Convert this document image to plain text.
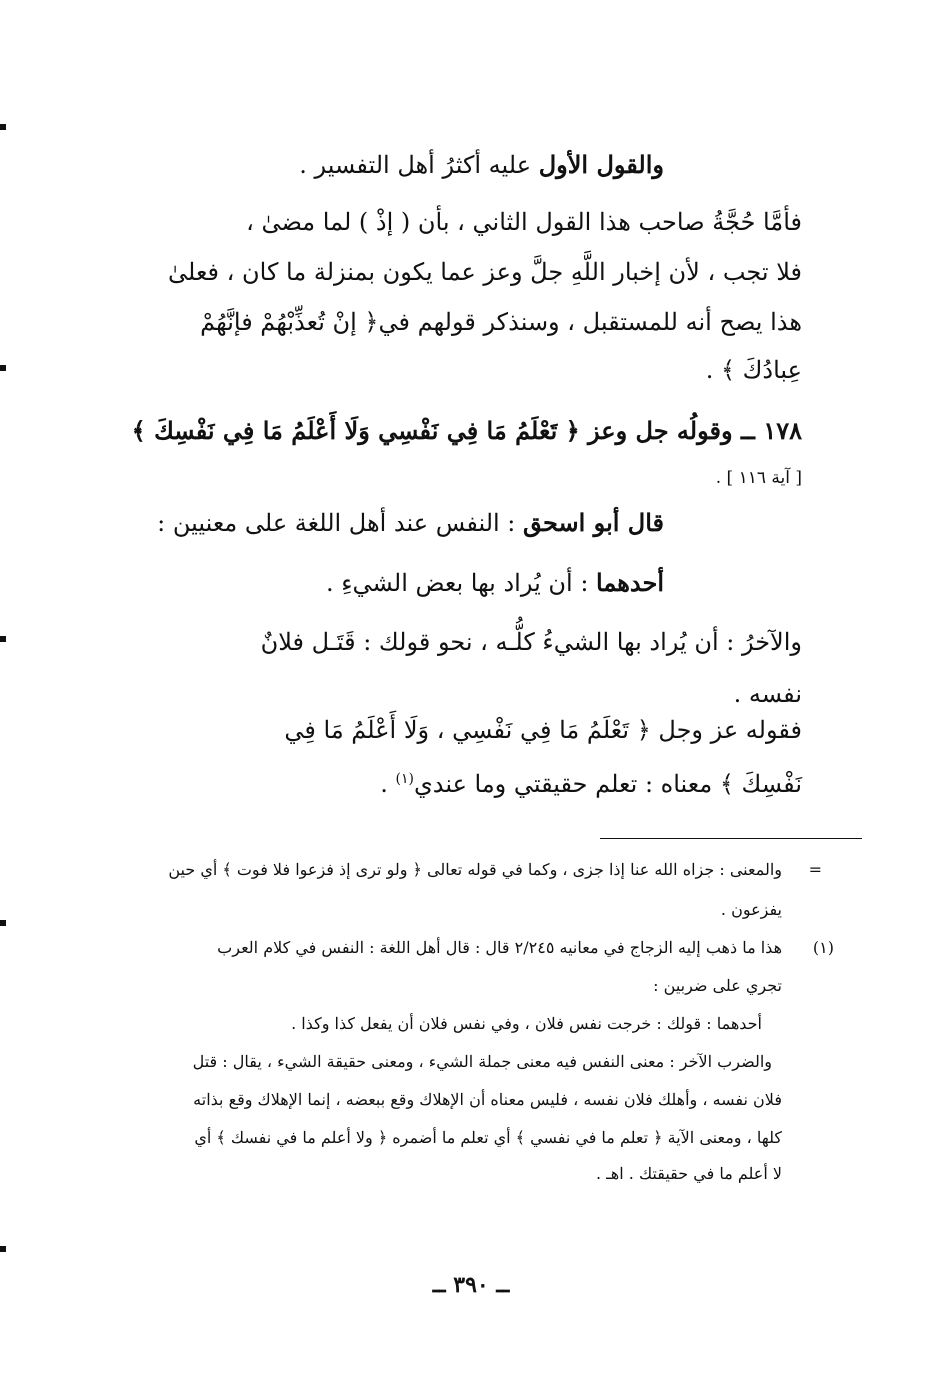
والقول الأول عليه أكثرُ أهل التفسير .
فأمَّا حُجَّةُ صاحب هذا القول الثاني ، بأن ( إذْ ) لما مضىٰ ،
فلا تجب ، لأن إخبار اللَّهِ جلَّ وعز عما يكون بمنزلة ما كان ، فعلىٰ
هذا يصح أنه للمستقبل ، وسنذكر قولهم في﴿ إنْ تُعذِّبْهُمْ فإنَّهُمْ
عِبادُكَ ﴾ .
١٧٨ ــ وقولُه جل وعز ﴿ تَعْلَمُ مَا فِي نَفْسِي وَلَا أَعْلَمُ مَا فِي نَفْسِكَ ﴾
[ آية ١١٦ ] .
قال أبو اسحق : النفس عند أهل اللغة على معنيين :
أحدهما : أن يُراد بها بعض الشيءِ .
والآخرُ : أن يُراد بها الشيءُ كلُّـه ، نحو قولك : قَتَـل فلانٌ
نفسه .
فقوله عز وجل ﴿ تَعْلَمُ مَا فِي نَفْسِي ، وَلَا أَعْلَمُ مَا فِي
نَفْسِكَ ﴾ معناه : تعلم حقيقتي وما عندي$^{(١)}$ .
=
والمعنى : جزاه الله عنا إذا جزى ، وكما في قوله تعالى ﴿ ولو ترى إذ فزعوا فلا فوت ﴾ أي حين
يفزعون .
(١)
هذا ما ذهب إليه الزجاج في معانيه ٢/٢٤٥ قال : قال أهل اللغة : النفس في كلام العرب
تجري على ضربين :
أحدهما : قولك : خرجت نفس فلان ، وفي نفس فلان أن يفعل كذا وكذا .
والضرب الآخر : معنى النفس فيه معنى جملة الشيء ، ومعنى حقيقة الشيء ، يقال : قتل
فلان نفسه ، وأهلك فلان نفسه ، فليس معناه أن الإهلاك وقع ببعضه ، إنما الإهلاك وقع بذاته
كلها ، ومعنى الآية ﴿ تعلم ما في نفسي ﴾ أي تعلم ما أضمره ﴿ ولا أعلم ما في نفسك ﴾ أي
لا أعلم ما في حقيقتك . اهـ .
ــ ٣٩٠ ــ
